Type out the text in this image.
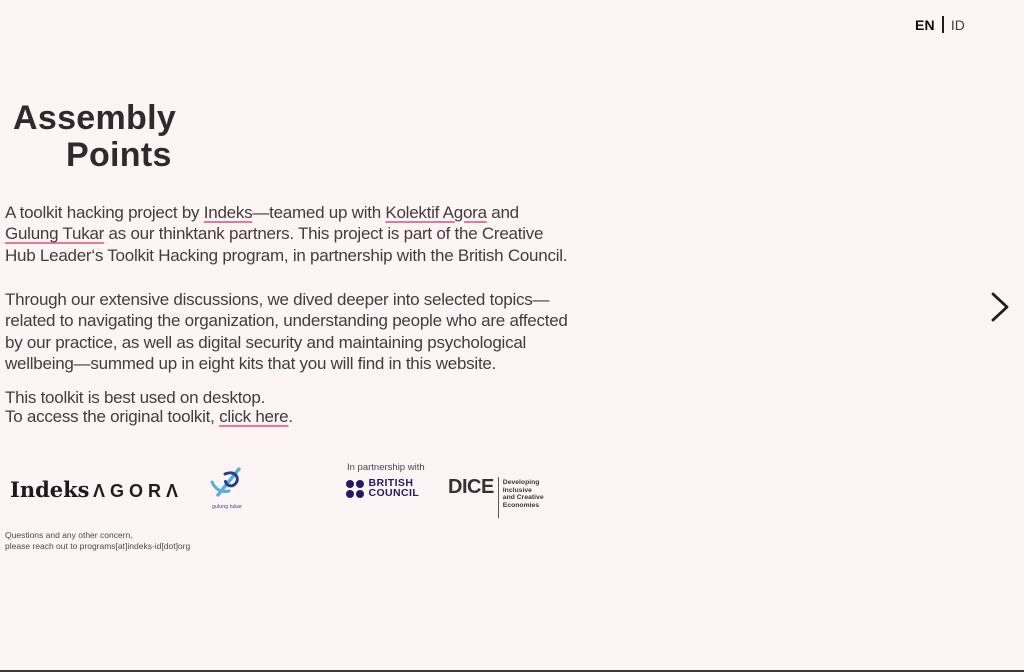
EN ID
Assembly
Points
A toolkit hacking project by Indeks—teamed up with Kolektif Agora and
Gulung Tukar as our thinktank partners. This project is part of the Creative
Hub Leader‘s Toolkit Hacking program, in partnership with the British Council.
Through our extensive discussions, we dived deeper into selected topics—
related to navigating the organization, understanding people who are affected
by our practice, as well as digital security and maintaining psychological
wellbeing—summed up in eight kits that you will find in this website.
This toolkit is best used on desktop.
To access the original toolkit, click here.
Indeks ΛGORΛ
gulung tukar
In partnership with
BRITISH
COUNCIL DICE Developing
Inclusive
and Creative
Economies
Questions and any other concern,
please reach out to programs[at]indeks-id[dot]org
